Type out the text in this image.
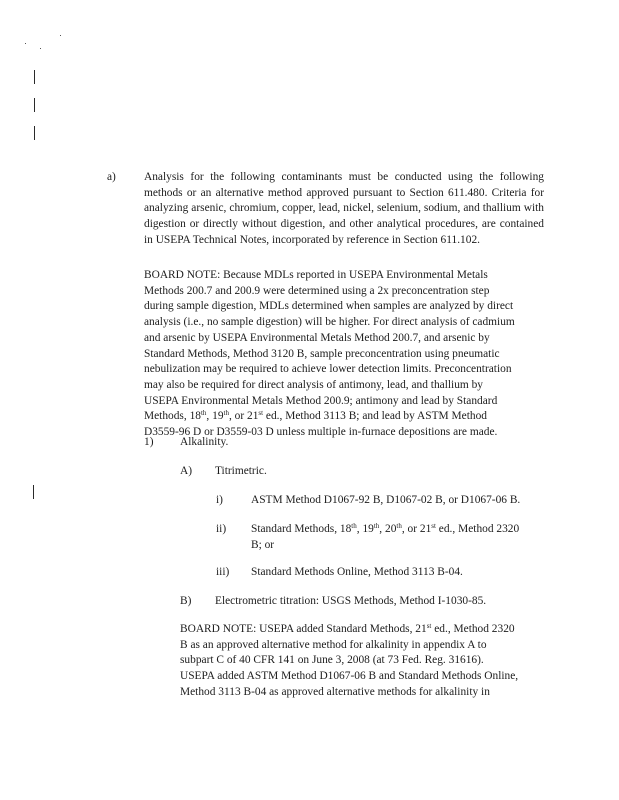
a) Analysis for the following contaminants must be conducted using the following methods or an alternative method approved pursuant to Section 611.480. Criteria for analyzing arsenic, chromium, copper, lead, nickel, selenium, sodium, and thallium with digestion or directly without digestion, and other analytical procedures, are contained in USEPA Technical Notes, incorporated by reference in Section 611.102.

BOARD NOTE: Because MDLs reported in USEPA Environmental Metals

Methods 200.7 and 200.9 were determined using a 2x preconcentration step

during sample digestion, MDLs determined when samples are analyzed by direct

analysis (i.e., no sample digestion) will be higher. For direct analysis of cadmium

and arsenic by USEPA Environmental Metals Method 200.7, and arsenic by

Standard Methods, Method 3120 B, sample preconcentration using pneumatic

nebulization may be required to achieve lower detection limits. Preconcentration

may also be required for direct analysis of antimony, lead, and thallium by

USEPA Environmental Metals Method 200.9; antimony and lead by Standard

Methods, 18th, 19th, or 21st ed., Method 3113 B; and lead by ASTM Method

D3559-96 D or D3559-03 D unless multiple in-furnace depositions are made.

1) Alkalinity.
A) Titrimetric.
i) ASTM Method D1067-92 B, D1067-02 B, or D1067-06 B.
ii) Standard Methods, 18th, 19th, 20th, or 21st ed., Method 2320

B; or

iii) Standard Methods Online, Method 3113 B-04.
B) Electrometric titration: USGS Methods, Method I-1030-85.

BOARD NOTE: USEPA added Standard Methods, 21st ed., Method 2320

B as an approved alternative method for alkalinity in appendix A to

subpart C of 40 CFR 141 on June 3, 2008 (at 73 Fed. Reg. 31616).

USEPA added ASTM Method D1067-06 B and Standard Methods Online,

Method 3113 B-04 as approved alternative methods for alkalinity in
